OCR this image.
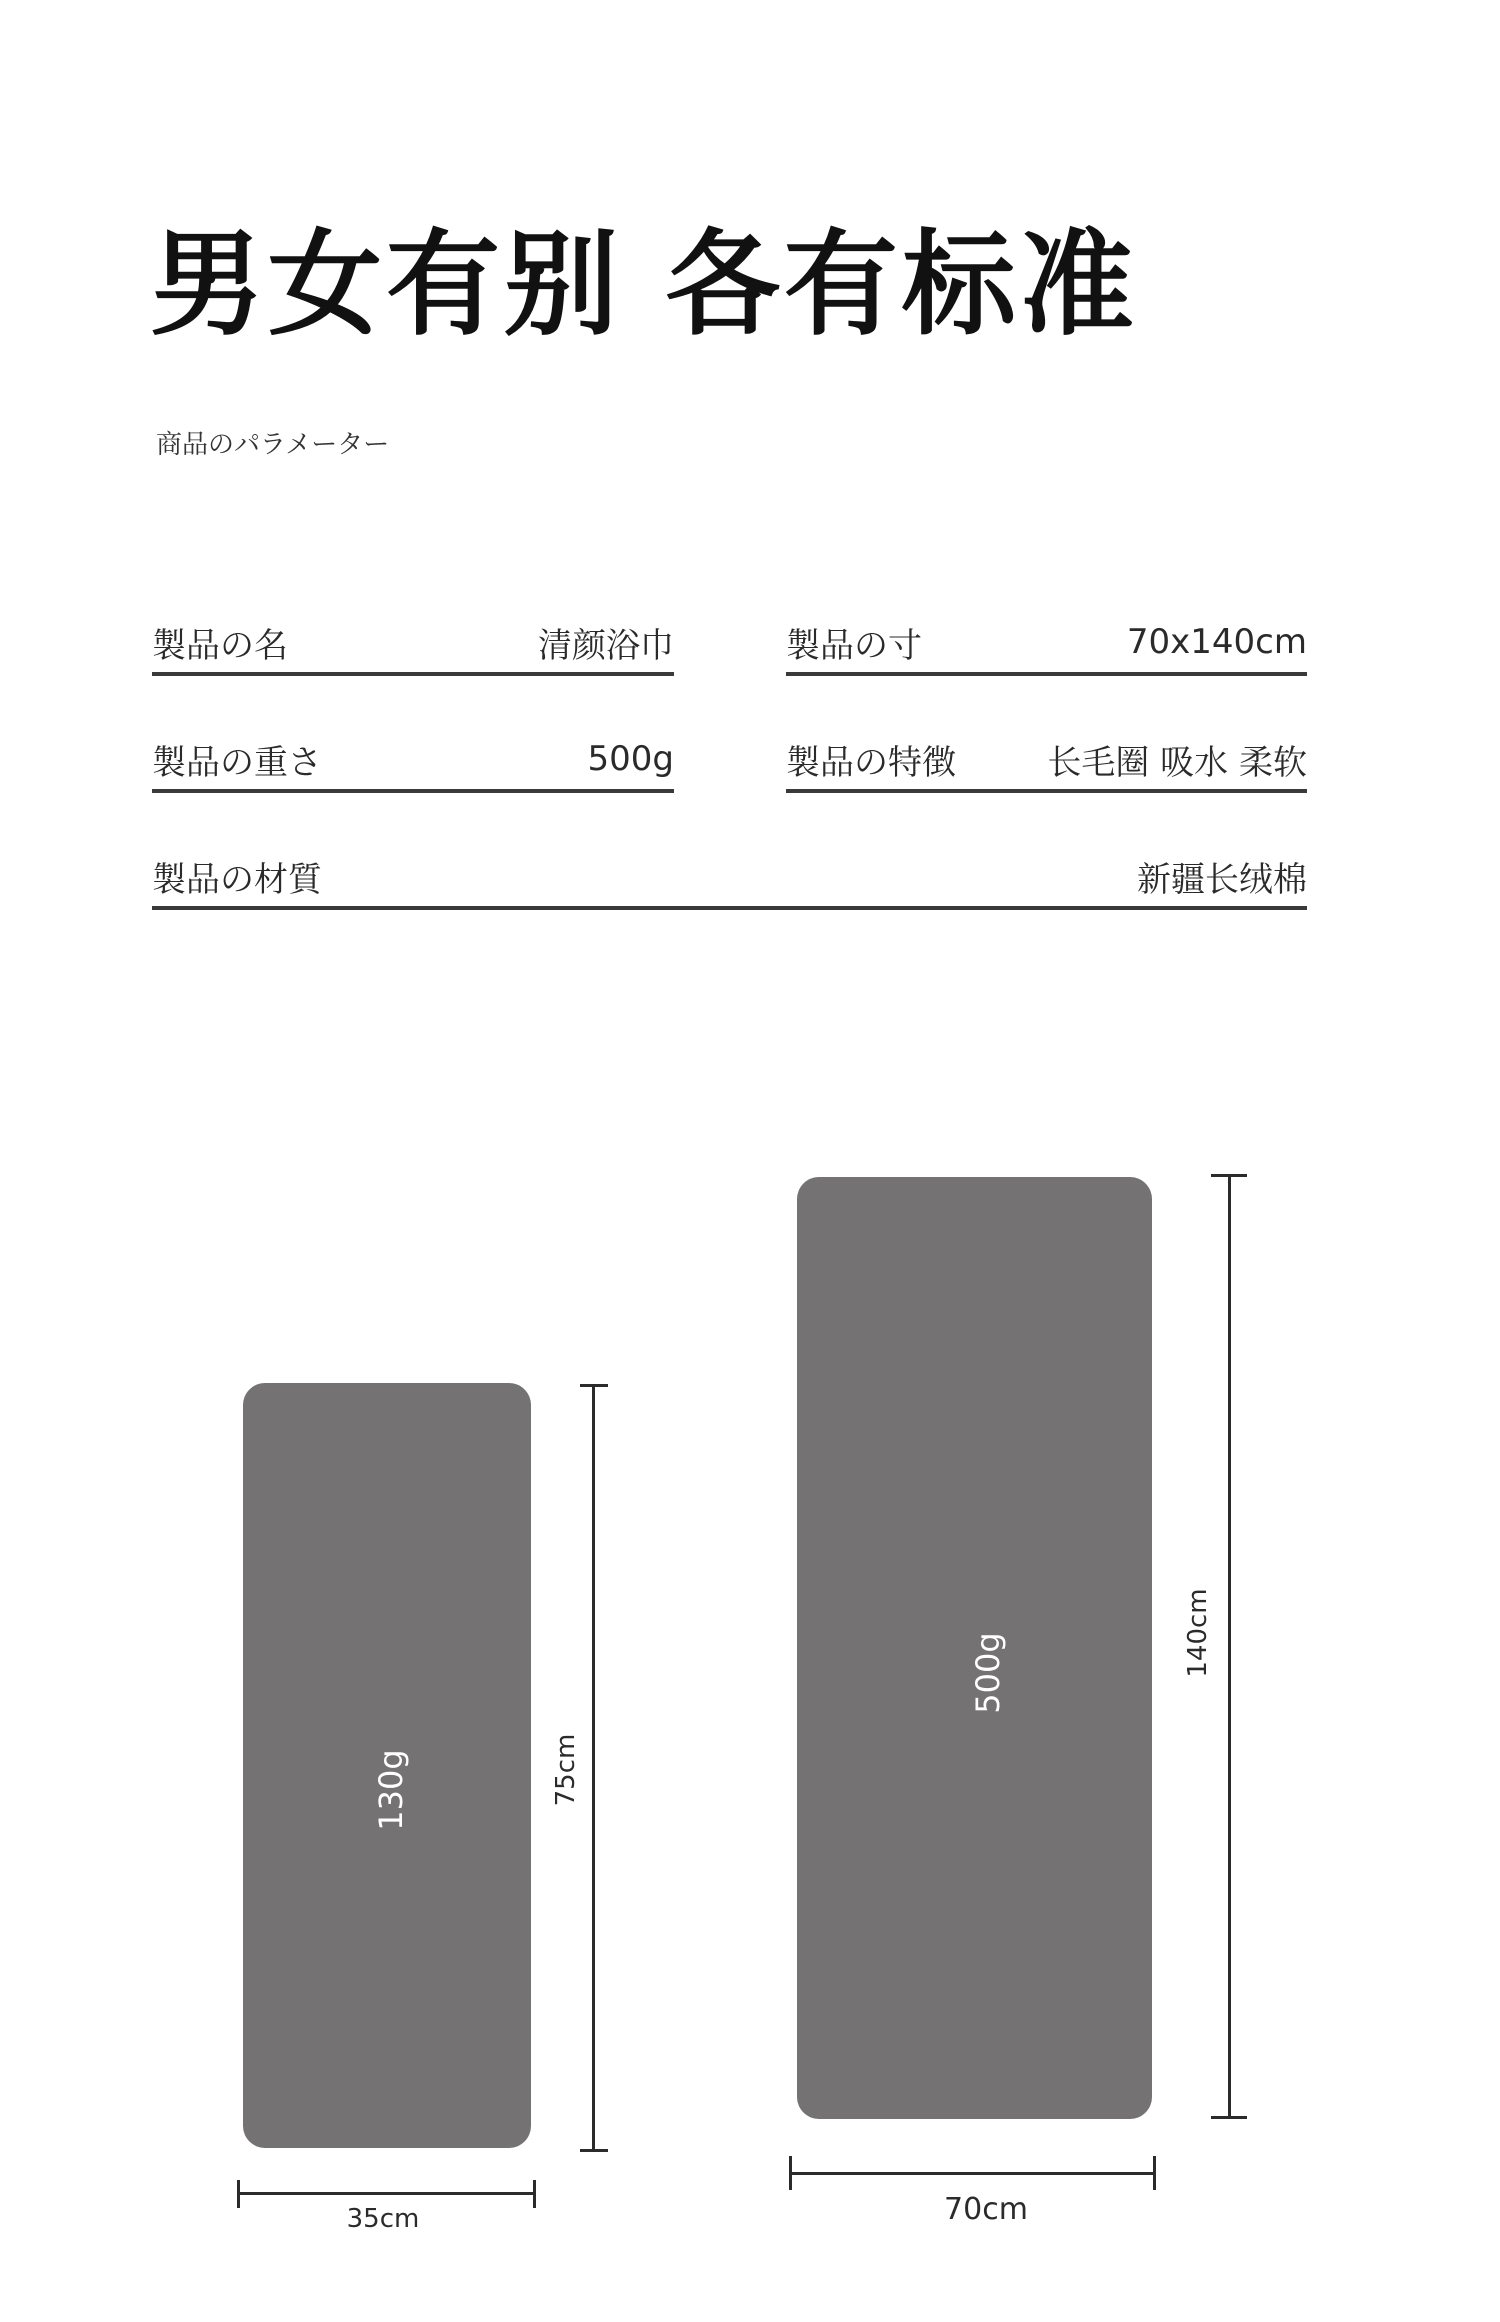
男女有别 各有标准
商品のパラメーター
製品の名	清颜浴巾	製品の寸	70x140cm
製品の重さ	500g	製品の特徴	长毛圈 吸水 柔软
製品の材質	新疆长绒棉
130g	75cm
35cm
500g	140cm
70cm
